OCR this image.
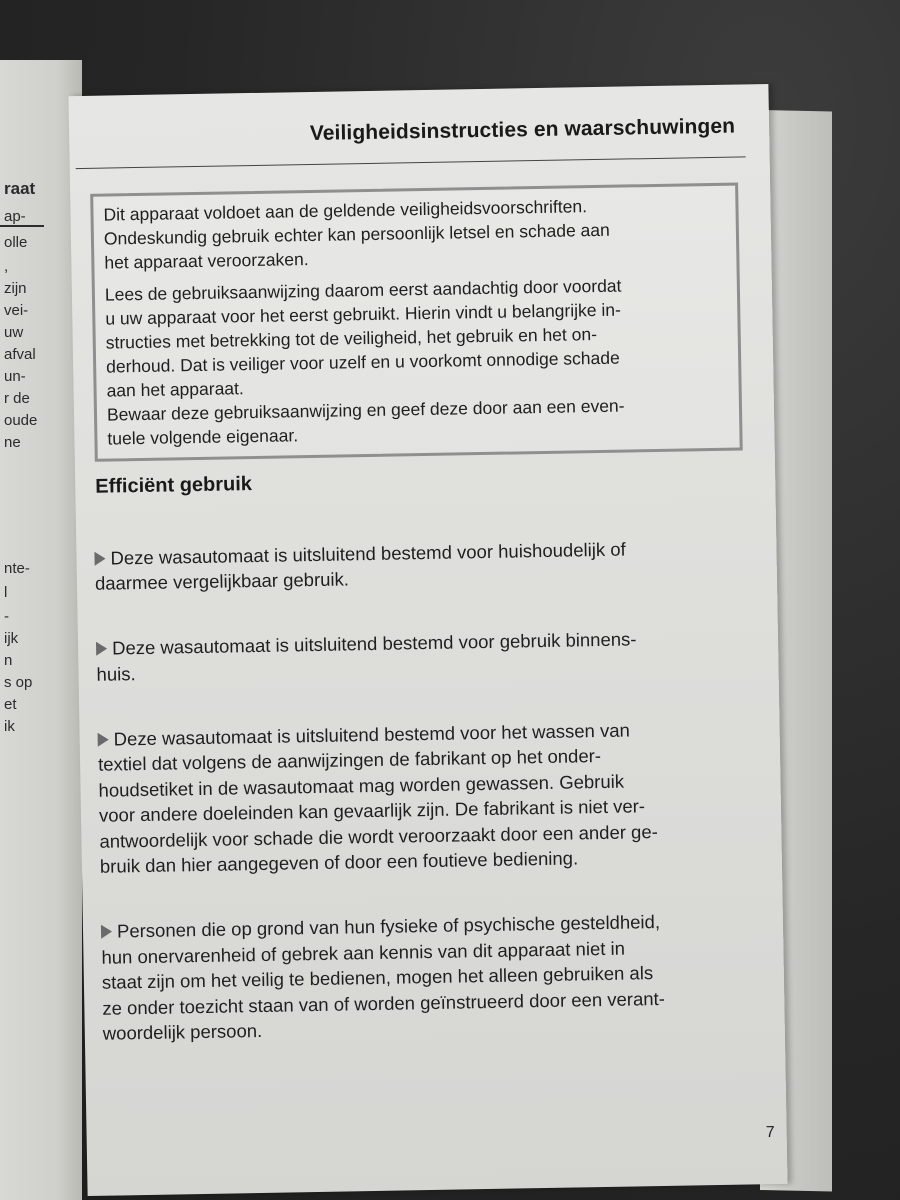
raat
ap-
olle
,
zijn
vei-
uw
afval
un-
r de
oude
ne
nte-
l
-
ijk
n
s op
et
ik
Veiligheidsinstructies en waarschuwingen

Dit apparaat voldoet aan de geldende veiligheidsvoorschriften.
Ondeskundig gebruik echter kan persoonlijk letsel en schade aan
het apparaat veroorzaken.

Lees de gebruiksaanwijzing daarom eerst aandachtig door voordat
u uw apparaat voor het eerst gebruikt. Hierin vindt u belangrijke in-
structies met betrekking tot de veiligheid, het gebruik en het on-
derhoud. Dat is veiliger voor uzelf en u voorkomt onnodige schade
aan het apparaat.
Bewaar deze gebruiksaanwijzing en geef deze door aan een even-
tuele volgende eigenaar.

Efficiënt gebruik

Deze wasautomaat is uitsluitend bestemd voor huishoudelijk of
daarmee vergelijkbaar gebruik.

Deze wasautomaat is uitsluitend bestemd voor gebruik binnens-
huis.

Deze wasautomaat is uitsluitend bestemd voor het wassen van
textiel dat volgens de aanwijzingen de fabrikant op het onder-
houdsetiket in de wasautomaat mag worden gewassen. Gebruik
voor andere doeleinden kan gevaarlijk zijn. De fabrikant is niet ver-
antwoordelijk voor schade die wordt veroorzaakt door een ander ge-
bruik dan hier aangegeven of door een foutieve bediening.

Personen die op grond van hun fysieke of psychische gesteldheid,
hun onervarenheid of gebrek aan kennis van dit apparaat niet in
staat zijn om het veilig te bedienen, mogen het alleen gebruiken als
ze onder toezicht staan van of worden geïnstrueerd door een verant-
woordelijk persoon.

7
